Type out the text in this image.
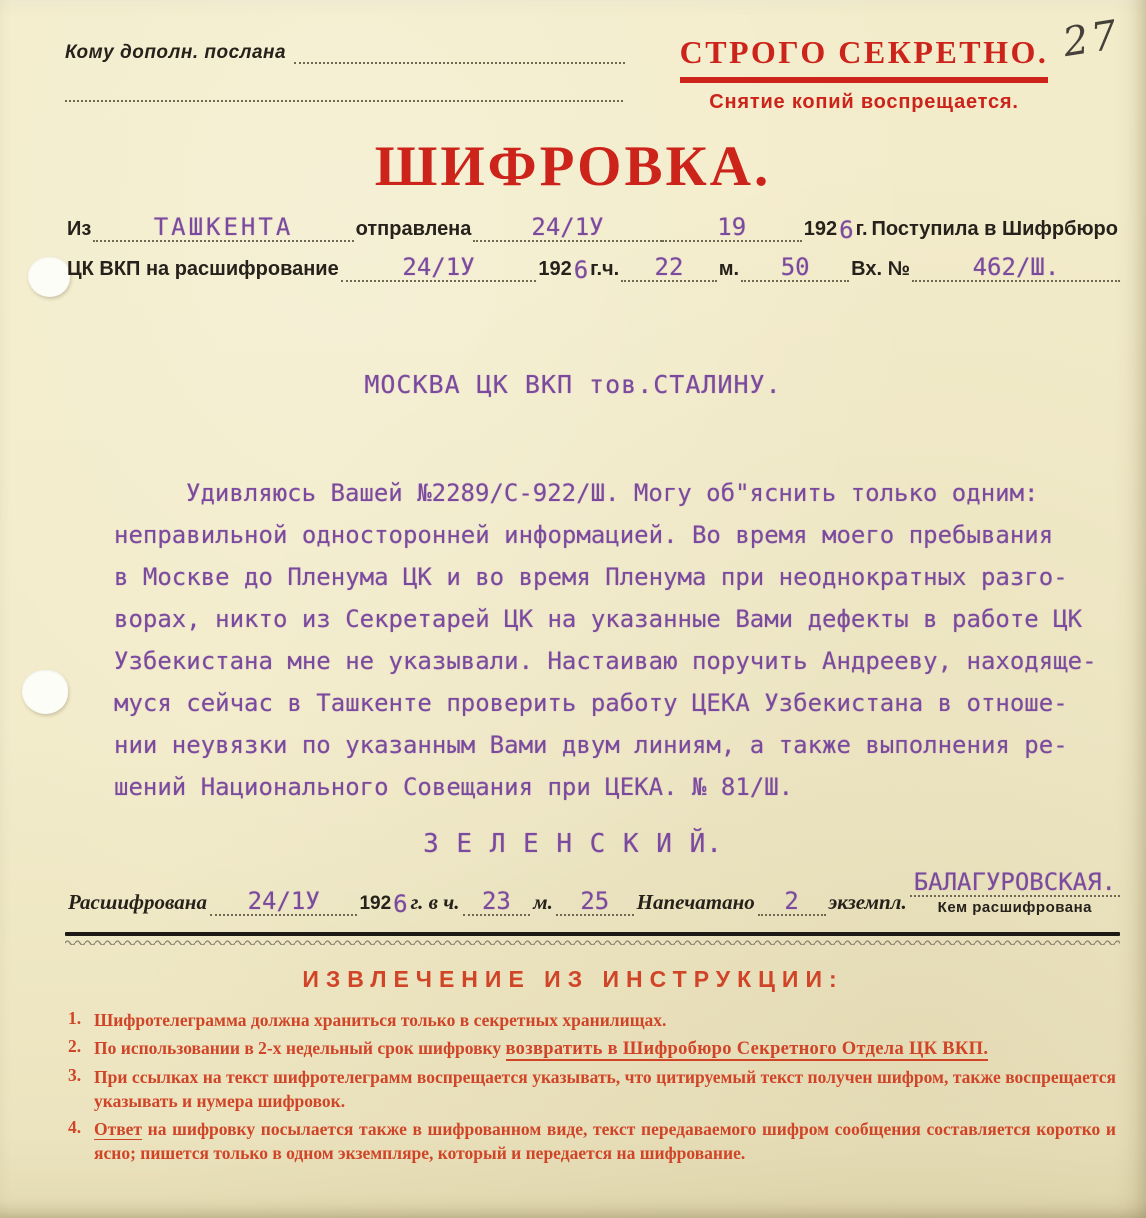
Кому дополн. послана	СТРОГО СЕКРЕТНО.
Снятие копий воспрещается.
27
ШИФРОВКА.
Из	ТАШКЕНТА	отправлена	24/1У	19	192 6 г. Поступила в Шифрбюро
ЦК ВКП на расшифрование	24/1У	192 6 г.ч.	22	м.	50	Вх. №	462/Ш.
МОСКВА ЦК ВКП тов.СТАЛИНУ.
Удивляюсь Вашей №2289/С-922/Ш. Могу об"яснить только одним:
неправильной односторонней информацией. Во время моего пребывания
в Москве до Пленума ЦК и во время Пленума при неоднократных разго-
ворах, никто из Секретарей ЦК на указанные Вами дефекты в работе ЦК
Узбекистана мне не указывали. Настаиваю поручить Андрееву, находяще-
муся сейчас в Ташкенте проверить работу ЦЕКА Узбекистана в отноше-
нии неувязки по указанным Вами двум линиям, а также выполнения ре-
шений Национального Совещания при ЦЕКА. № 81/Ш.
З Е Л Е Н С К И Й.
Расшифрована	24/1У	192 6 г. в ч. 23	м.	25	Напечатано	2	экземпл.
БАЛАГУРОВСКАЯ.
Кем расшифрована
ИЗВЛЕЧЕНИЕ ИЗ ИНСТРУКЦИИ:
1. Шифротелеграмма должна храниться только в секретных хранилищах.
2. По использовании в 2-х недельный срок шифровку возвратить в Шифробюро Секретного Отдела ЦК ВКП.
3. При ссылках на текст шифротелеграмм воспрещается указывать, что цитируемый текст получен шифром, также воспрещается указывать и нумера шифровок.
4. Ответ на шифровку посылается также в шифрованном виде, текст передаваемого шифром сообщения составляется коротко и ясно; пишется только в одном экземпляре, который и передается на шифрование.
